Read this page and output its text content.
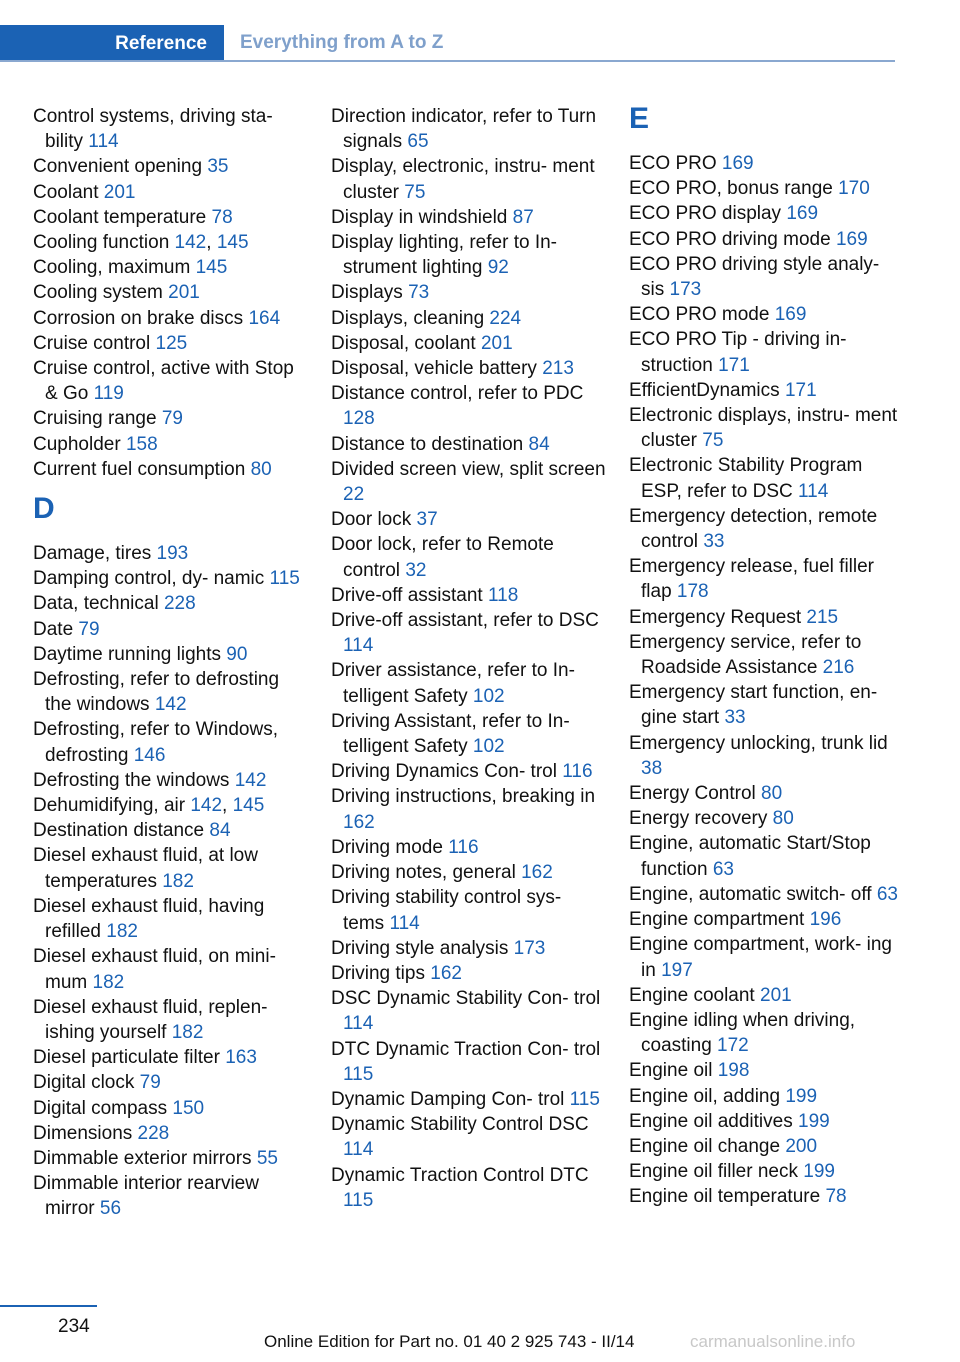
Reference	Everything from A to Z
Control systems, driving sta- bility 114
Convenient opening 35
Coolant 201
Coolant temperature 78
Cooling function 142, 145
Cooling, maximum 145
Cooling system 201
Corrosion on brake discs 164
Cruise control 125
Cruise control, active with Stop & Go 119
Cruising range 79
Cupholder 158
Current fuel consumption 80
D
Damage, tires 193
Damping control, dy- namic 115
Data, technical 228
Date 79
Daytime running lights 90
Defrosting, refer to defrosting the windows 142
Defrosting, refer to Windows, defrosting 146
Defrosting the windows 142
Dehumidifying, air 142, 145
Destination distance 84
Diesel exhaust fluid, at low temperatures 182
Diesel exhaust fluid, having refilled 182
Diesel exhaust fluid, on mini- mum 182
Diesel exhaust fluid, replen- ishing yourself 182
Diesel particulate filter 163
Digital clock 79
Digital compass 150
Dimensions 228
Dimmable exterior mirrors 55
Dimmable interior rearview mirror 56
Direction indicator, refer to Turn signals 65
Display, electronic, instru- ment cluster 75
Display in windshield 87
Display lighting, refer to In- strument lighting 92
Displays 73
Displays, cleaning 224
Disposal, coolant 201
Disposal, vehicle battery 213
Distance control, refer to PDC 128
Distance to destination 84
Divided screen view, split screen 22
Door lock 37
Door lock, refer to Remote control 32
Drive-off assistant 118
Drive-off assistant, refer to DSC 114
Driver assistance, refer to In- telligent Safety 102
Driving Assistant, refer to In- telligent Safety 102
Driving Dynamics Con- trol 116
Driving instructions, breaking in 162
Driving mode 116
Driving notes, general 162
Driving stability control sys- tems 114
Driving style analysis 173
Driving tips 162
DSC Dynamic Stability Con- trol 114
DTC Dynamic Traction Con- trol 115
Dynamic Damping Con- trol 115
Dynamic Stability Control DSC 114
Dynamic Traction Control DTC 115
E
ECO PRO 169
ECO PRO, bonus range 170
ECO PRO display 169
ECO PRO driving mode 169
ECO PRO driving style analy- sis 173
ECO PRO mode 169
ECO PRO Tip - driving in- struction 171
EfficientDynamics 171
Electronic displays, instru- ment cluster 75
Electronic Stability Program ESP, refer to DSC 114
Emergency detection, remote control 33
Emergency release, fuel filler flap 178
Emergency Request 215
Emergency service, refer to Roadside Assistance 216
Emergency start function, en- gine start 33
Emergency unlocking, trunk lid 38
Energy Control 80
Energy recovery 80
Engine, automatic Start/Stop function 63
Engine, automatic switch- off 63
Engine compartment 196
Engine compartment, work- ing in 197
Engine coolant 201
Engine idling when driving, coasting 172
Engine oil 198
Engine oil, adding 199
Engine oil additives 199
Engine oil change 200
Engine oil filler neck 199
Engine oil temperature 78
234
Online Edition for Part no. 01 40 2 925 743 - II/14	carmanualsonline.info
